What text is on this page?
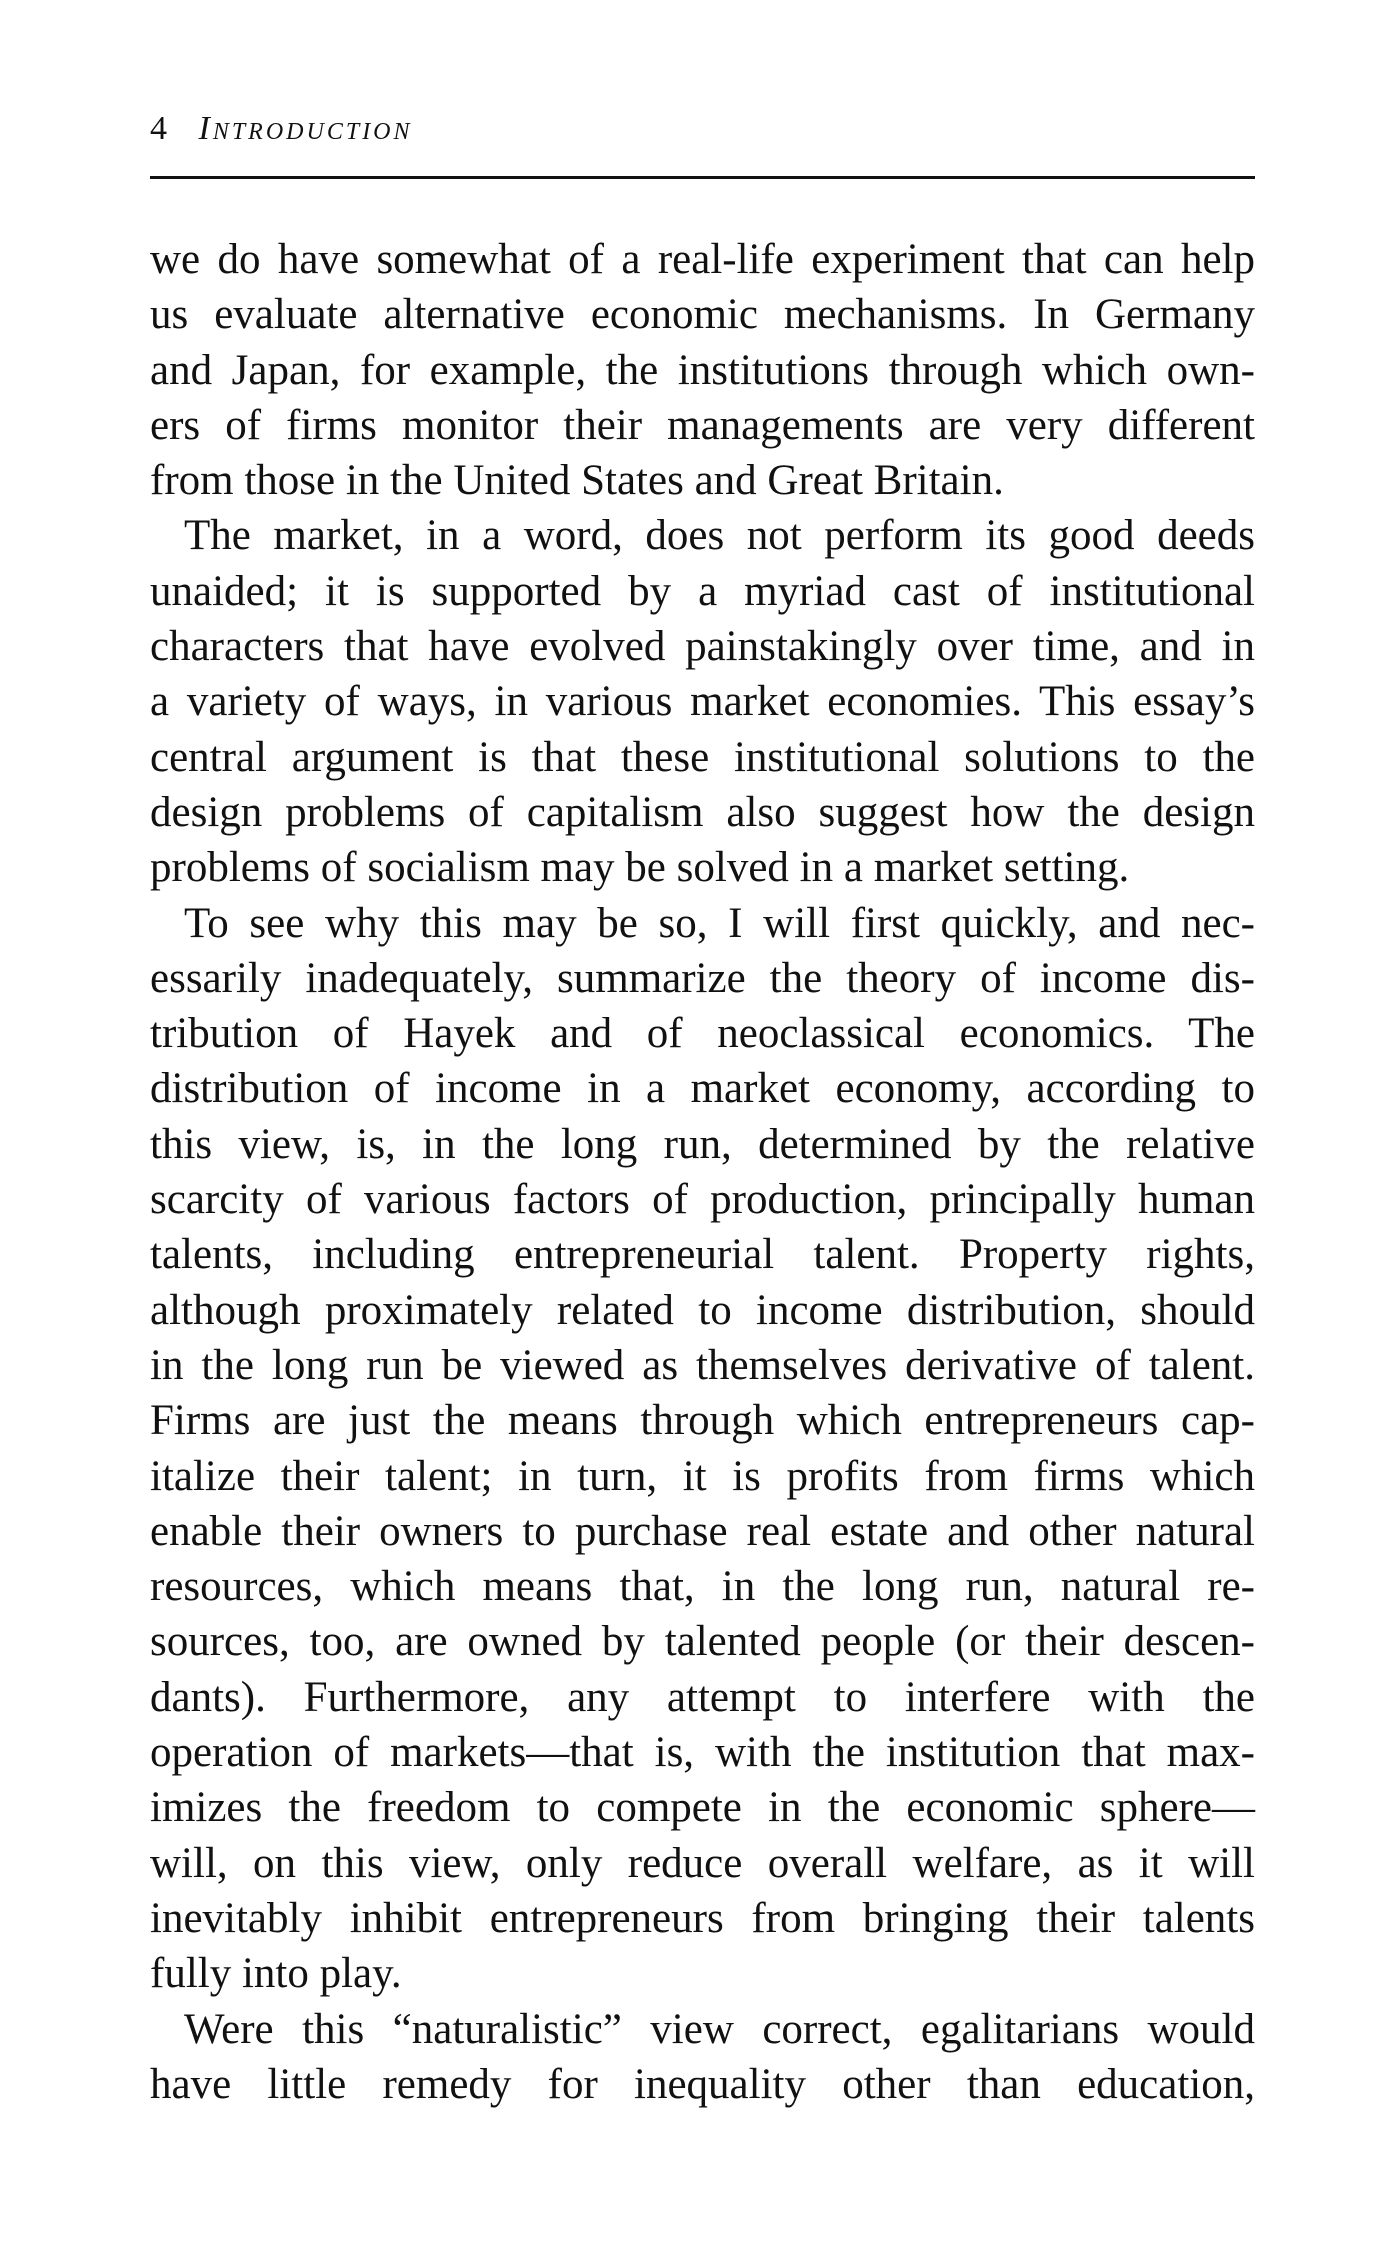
4 Introduction
we do have somewhat of a real-life experiment that can help
us evaluate alternative economic mechanisms. In Germany
and Japan, for example, the institutions through which own-
ers of firms monitor their managements are very different
from those in the United States and Great Britain.
The market, in a word, does not perform its good deeds
unaided; it is supported by a myriad cast of institutional
characters that have evolved painstakingly over time, and in
a variety of ways, in various market economies. This essay’s
central argument is that these institutional solutions to the
design problems of capitalism also suggest how the design
problems of socialism may be solved in a market setting.
To see why this may be so, I will first quickly, and nec-
essarily inadequately, summarize the theory of income dis-
tribution of Hayek and of neoclassical economics. The
distribution of income in a market economy, according to
this view, is, in the long run, determined by the relative
scarcity of various factors of production, principally human
talents, including entrepreneurial talent. Property rights,
although proximately related to income distribution, should
in the long run be viewed as themselves derivative of talent.
Firms are just the means through which entrepreneurs cap-
italize their talent; in turn, it is profits from firms which
enable their owners to purchase real estate and other natural
resources, which means that, in the long run, natural re-
sources, too, are owned by talented people (or their descen-
dants). Furthermore, any attempt to interfere with the
operation of markets—that is, with the institution that max-
imizes the freedom to compete in the economic sphere—
will, on this view, only reduce overall welfare, as it will
inevitably inhibit entrepreneurs from bringing their talents
fully into play.
Were this “naturalistic” view correct, egalitarians would
have little remedy for inequality other than education,
